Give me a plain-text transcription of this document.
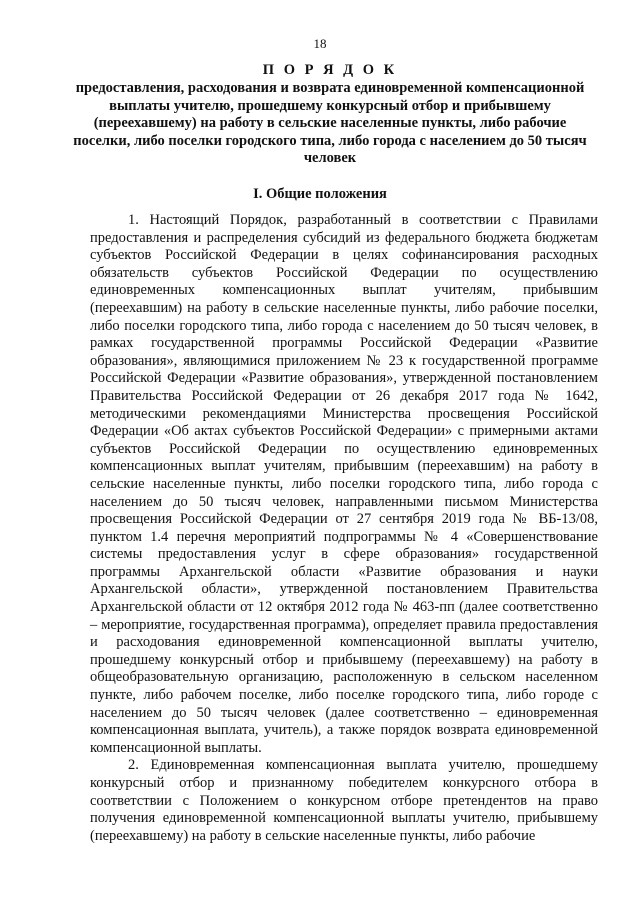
18
П О Р Я Д О К
предоставления, расходования и возврата единовременной компенсационной выплаты учителю, прошедшему конкурсный отбор и прибывшему (переехавшему) на работу в сельские населенные пункты, либо рабочие поселки, либо поселки городского типа, либо города с населением до 50 тысяч человек
I. Общие положения

1. Настоящий Порядок, разработанный в соответствии с Правилами предоставления и распределения субсидий из федерального бюджета бюджетам субъектов Российской Федерации в целях софинансирования расходных обязательств субъектов Российской Федерации по осуществлению единовременных компенсационных выплат учителям, прибывшим (переехавшим) на работу в сельские населенные пункты, либо рабочие поселки, либо поселки городского типа, либо города с населением до 50 тысяч человек, в рамках государственной программы Российской Федерации «Развитие образования», являющимися приложением № 23 к государственной программе Российской Федерации «Развитие образования», утвержденной постановлением Правительства Российской Федерации от 26 декабря 2017 года № 1642, методическими рекомендациями Министерства просвещения Российской Федерации «Об актах субъектов Российской Федерации» с примерными актами субъектов Российской Федерации по осуществлению единовременных компенсационных выплат учителям, прибывшим (переехавшим) на работу в сельские населенные пункты, либо поселки городского типа, либо города с населением до 50 тысяч человек, направленными письмом Министерства просвещения Российской Федерации от 27 сентября 2019 года № ВБ-13/08, пунктом 1.4 перечня мероприятий подпрограммы № 4 «Совершенствование системы предоставления услуг в сфере образования» государственной программы Архангельской области «Развитие образования и науки Архангельской области», утвержденной постановлением Правительства Архангельской области от 12 октября 2012 года № 463-пп (далее соответственно – мероприятие, государственная программа), определяет правила предоставления и расходования единовременной компенсационной выплаты учителю, прошедшему конкурсный отбор и прибывшему (переехавшему) на работу в общеобразовательную организацию, расположенную в сельском населенном пункте, либо рабочем поселке, либо поселке городского типа, либо городе с населением до 50 тысяч человек (далее соответственно – единовременная компенсационная выплата, учитель), а также порядок возврата единовременной компенсационной выплаты.

2. Единовременная компенсационная выплата учителю, прошедшему конкурсный отбор и признанному победителем конкурсного отбора в соответствии с Положением о конкурсном отборе претендентов на право получения единовременной компенсационной выплаты учителю, прибывшему (переехавшему) на работу в сельские населенные пункты, либо рабочие
